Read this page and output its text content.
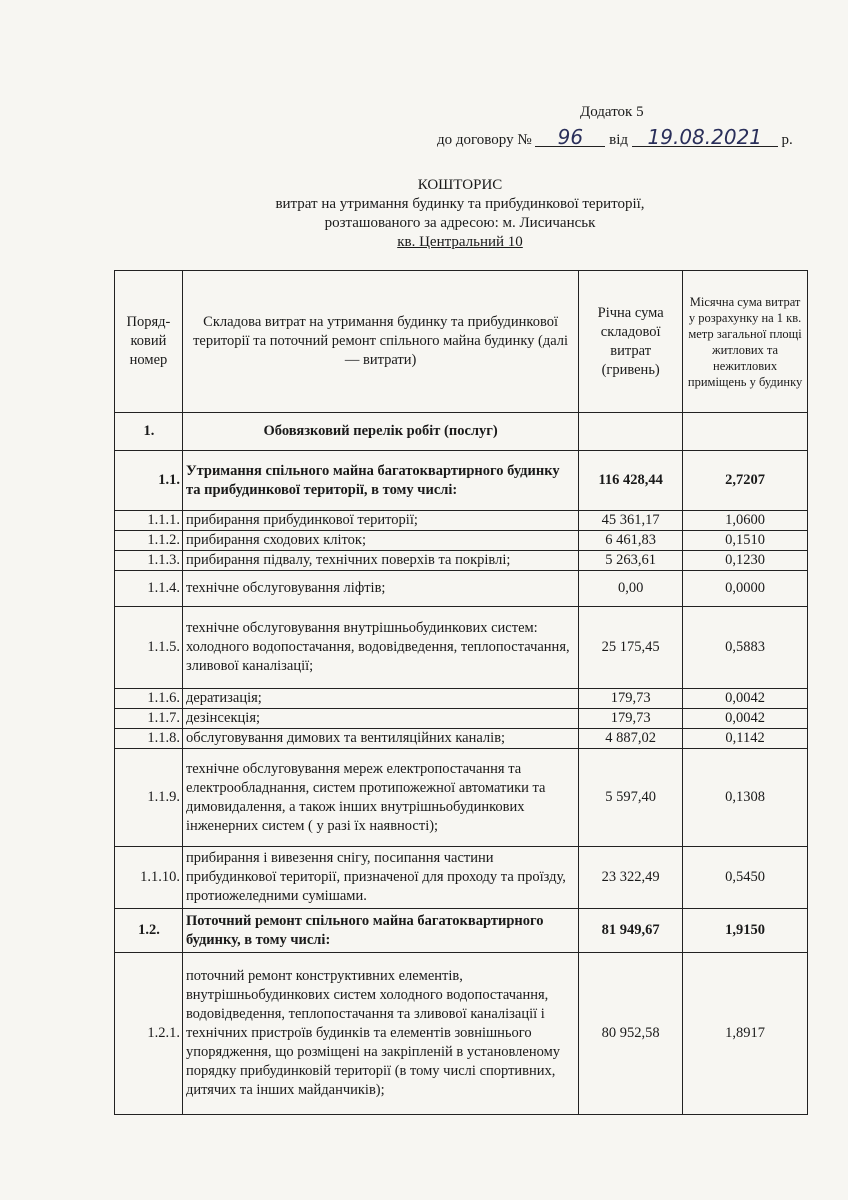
Додаток 5
до договору № 96 від 19.08.2021 р.
КОШТОРИС
витрат на утримання будинку та прибудинкової території,
розташованого за адресою: м. Лисичанськ
кв. Центральний 10
Поряд-ковий номер	Складова витрат на утримання будинку та прибудинкової території та поточний ремонт спільного майна будинку (далі — витрати)	Річна сума складової витрат (гривень)	Місячна сума витрат у розрахунку на 1 кв. метр загальної площі житлових та нежитлових приміщень у будинку
1.	Обовязковий перелік робіт (послуг)		
1.1.	Утримання спільного майна багатоквартирного будинку та прибудинкової території, в тому числі:	116 428,44	2,7207
1.1.1.	прибирання прибудинкової території;	45 361,17	1,0600
1.1.2.	прибирання сходових кліток;	6 461,83	0,1510
1.1.3.	прибирання підвалу, технічних поверхів та покрівлі;	5 263,61	0,1230
1.1.4.	технічне обслуговування ліфтів;	0,00	0,0000
1.1.5.	технічне обслуговування внутрішньобудинкових систем: холодного водопостачання, водовідведення, теплопостачання, зливової каналізації;	25 175,45	0,5883
1.1.6.	дератизація;	179,73	0,0042
1.1.7.	дезінсекція;	179,73	0,0042
1.1.8.	обслуговування димових та вентиляційних каналів;	4 887,02	0,1142
1.1.9.	технічне обслуговування мереж електропостачання та електрообладнання, систем протипожежної автоматики та димовидалення, а також інших внутрішньобудинкових інженерних систем ( у разі їх наявності);	5 597,40	0,1308
1.1.10.	прибирання і вивезення снігу, посипання частини прибудинкової території, призначеної для проходу та проїзду, протиожеледними сумішами.	23 322,49	0,5450
1.2.	Поточний ремонт спільного майна багатоквартирного будинку, в тому числі:	81 949,67	1,9150
1.2.1.	поточний ремонт конструктивних елементів, внутрішньобудинкових систем холодного водопостачання, водовідведення, теплопостачання та зливової каналізації і технічних пристроїв будинків та елементів зовнішнього упорядження, що розміщені на закріпленій в установленому порядку прибудинковій території (в тому числі спортивних, дитячих та інших майданчиків);	80 952,58	1,8917
